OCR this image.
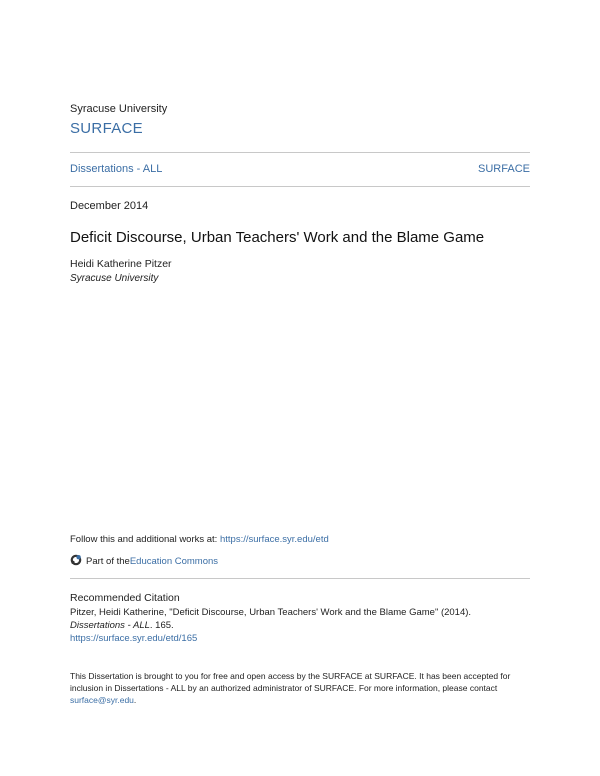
Syracuse University
SURFACE
Dissertations - ALL	SURFACE
December 2014
Deficit Discourse, Urban Teachers' Work and the Blame Game
Heidi Katherine Pitzer
Syracuse University
Follow this and additional works at: https://surface.syr.edu/etd
Part of the Education Commons
Recommended Citation
Pitzer, Heidi Katherine, "Deficit Discourse, Urban Teachers' Work and the Blame Game" (2014).
Dissertations - ALL. 165.
https://surface.syr.edu/etd/165
This Dissertation is brought to you for free and open access by the SURFACE at SURFACE. It has been accepted for inclusion in Dissertations - ALL by an authorized administrator of SURFACE. For more information, please contact surface@syr.edu.
